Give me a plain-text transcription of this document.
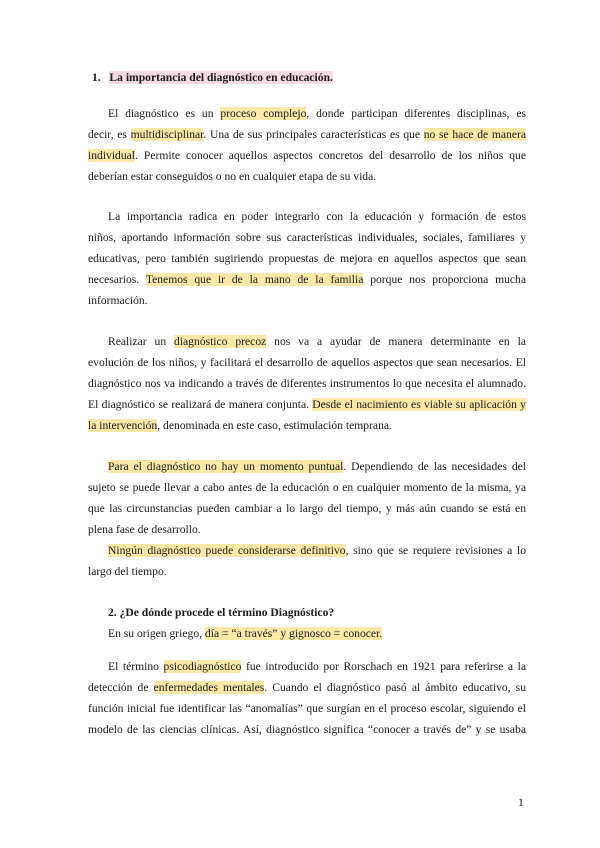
1. La importancia del diagnóstico en educación.
El diagnóstico es un proceso complejo, donde participan diferentes disciplinas, es
decir, es multidisciplinar. Una de sus principales características es que no se hace de manera
individual. Permite conocer aquellos aspectos concretos del desarrollo de los niños que
deberían estar conseguidos o no en cualquier etapa de su vida.
La importancia radica en poder integrarlo con la educación y formación de estos
niños, aportando información sobre sus características individuales, sociales, familiares y
educativas, pero también sugiriendo propuestas de mejora en aquellos aspectos que sean
necesarios. Tenemos que ir de la mano de la familia porque nos proporciona mucha
información.
Realizar un diagnóstico precoz nos va a ayudar de manera determinante en la
evolución de los niños, y facilitará el desarrollo de aquellos aspectos que sean necesarios. El
diagnóstico nos va indicando a través de diferentes instrumentos lo que necesita el alumnado.
El diagnóstico se realizará de manera conjunta. Desde el nacimiento es viable su aplicación y
la intervención, denominada en este caso, estimulación temprana.
Para el diagnóstico no hay un momento puntual. Dependiendo de las necesidades del
sujeto se puede llevar a cabo antes de la educación o en cualquier momento de la misma, ya
que las circunstancias pueden cambiar a lo largo del tiempo, y más aún cuando se está en
plena fase de desarrollo.
Ningún diagnóstico puede considerarse definitivo, sino que se requiere revisiones a lo
largo del tiempo.
2. ¿De dónde procede el término Diagnóstico?
En su origen griego, día = “a través” y gignosco = conocer.
El término psicodiagnóstico fue introducido por Rorschach en 1921 para referirse a la
detección de enfermedades mentales. Cuando el diagnóstico pasó al ámbito educativo, su
función inicial fue identificar las “anomalías” que surgían en el proceso escolar, siguiendo el
modelo de las ciencias clínicas. Así, diagnóstico significa “conocer a través de” y se usaba
1
